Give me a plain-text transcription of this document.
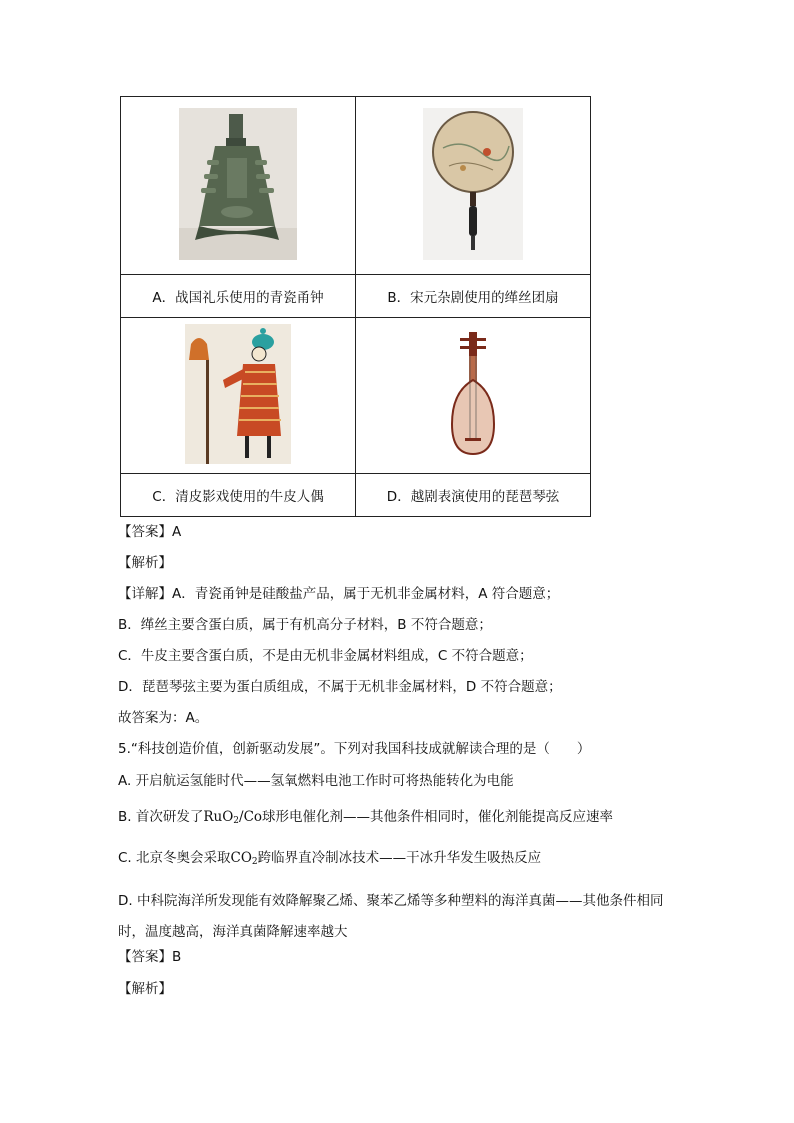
A．战国礼乐使用的青瓷甬钟	B．宋元杂剧使用的缂丝团扇

C．清皮影戏使用的牛皮人偶	D．越剧表演使用的琵琶琴弦
【答案】A
【解析】
【详解】A．青瓷甬钟是硅酸盐产品，属于无机非金属材料，A 符合题意；
B．缂丝主要含蛋白质，属于有机高分子材料，B 不符合题意；
C．牛皮主要含蛋白质，不是由无机非金属材料组成，C 不符合题意；
D．琵琶琴弦主要为蛋白质组成，不属于无机非金属材料，D 不符合题意；
故答案为：A。
5.“科技创造价值，创新驱动发展”。下列对我国科技成就解读合理的是（　　）
A. 开启航运氢能时代——氢氧燃料电池工作时可将热能转化为电能
B. 首次研发了RuO$_2$/Co球形电催化剂——其他条件相同时，催化剂能提高反应速率
C. 北京冬奥会采取$CO_2$跨临界直冷制冰技术——干冰升华发生吸热反应
D. 中科院海洋所发现能有效降解聚乙烯、聚苯乙烯等多种塑料的海洋真菌——其他条件相同时，温度越高，海洋真菌降解速率越大
【答案】B
【解析】
